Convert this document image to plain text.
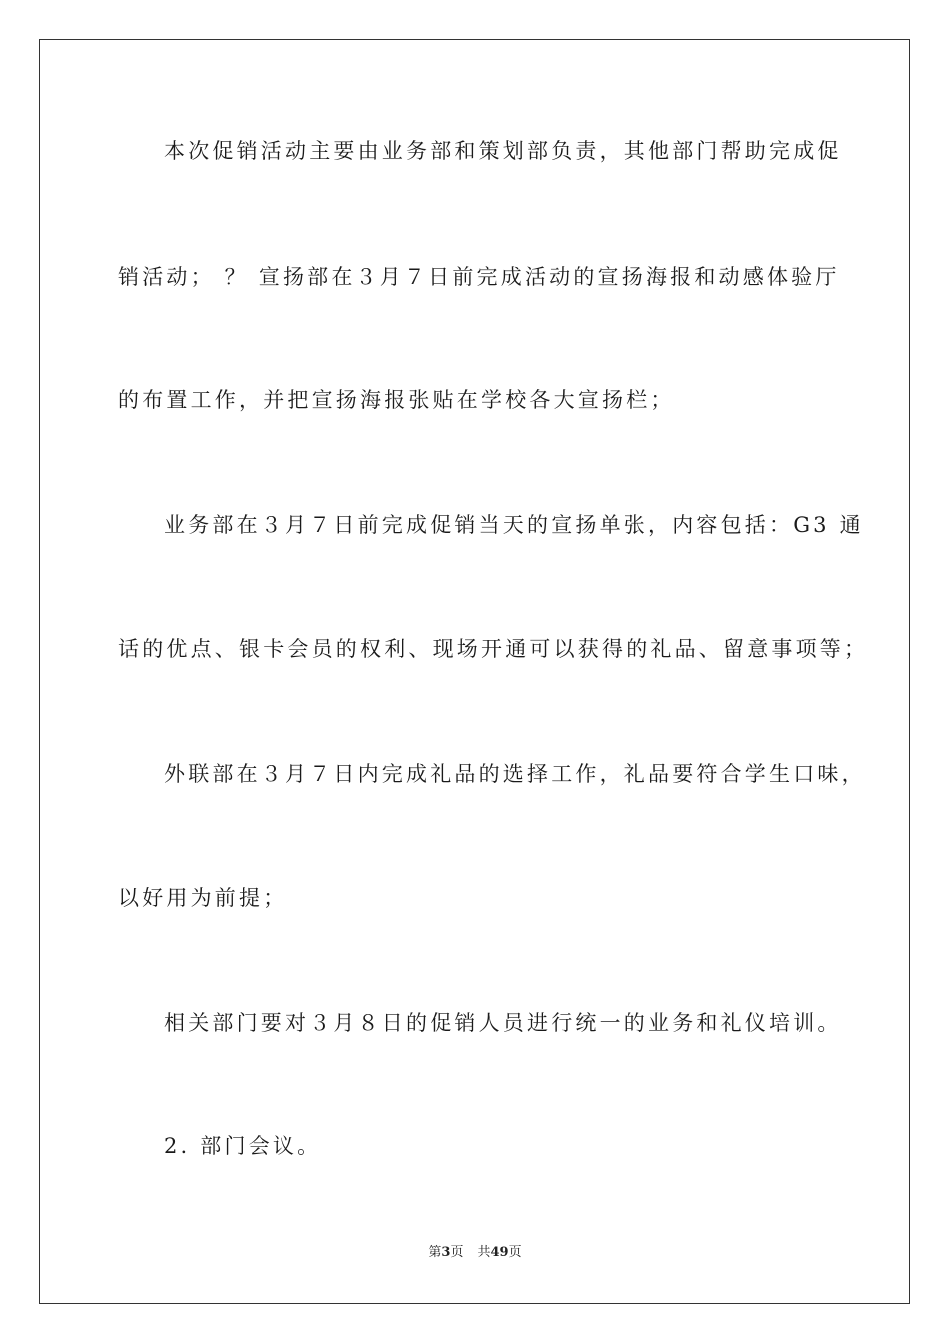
本次促销活动主要由业务部和策划部负责，其他部门帮助完成促
销活动； ？ 宣扬部在３月７日前完成活动的宣扬海报和动感体验厅
的布置工作，并把宣扬海报张贴在学校各大宣扬栏；
业务部在３月７日前完成促销当天的宣扬单张，内容包括：G3 通
话的优点、银卡会员的权利、现场开通可以获得的礼品、留意事项等；
外联部在３月７日内完成礼品的选择工作，礼品要符合学生口味，
以好用为前提；
相关部门要对３月８日的促销人员进行统一的业务和礼仪培训。
2. 部门会议。
第3页 共49页
